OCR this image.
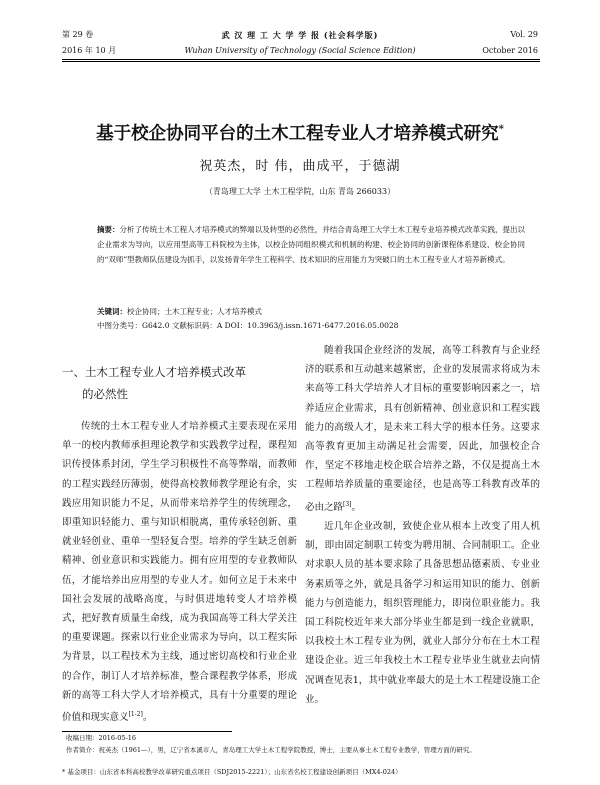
第 29 卷
2016 年 10 月
武 汉 理 工 大 学 学 报 (社会科学版)
Wuhan University of Technology (Social Science Edition)
Vol. 29
October 2016
基于校企协同平台的土木工程专业人才培养模式研究*
祝英杰，时 伟，曲成平，于德湖
（青岛理工大学 土木工程学院，山东 青岛 266033）
摘要：分析了传统土木工程人才培养模式的弊端以及转型的必然性，并结合青岛理工大学土木工程专业培养模式改革实践，提出以企业需求为导向，以应用型高等工科院校为主体，以校企协同组织模式和机制的构建、校企协同的创新课程体系建设、校企协同的“双师”型教师队伍建设为抓手，以发扬青年学生工程科学、技术知识的应用能力为突破口的土木工程专业人才培养新模式。
关键词：校企协同；土木工程专业；人才培养模式
中图分类号：G642.0 文献标识码：A DOI：10.3963/j.issn.1671-6477.2016.05.0028
一、土木工程专业人才培养模式改革
的必然性

传统的土木工程专业人才培养模式主要表现在采用单一的校内教师承担理论教学和实践教学过程，课程知识传授体系封闭，学生学习积极性不高等弊端，而教师的工程实践经历薄弱，使得高校教师教学理论有余，实践应用知识能力不足，从而带来培养学生的传统理念，即重知识轻能力、重与知识相脱离，重传承轻创新、重就业轻创业、重单一型轻复合型。培养的学生缺乏创新精神、创业意识和实践能力。拥有应用型的专业教师队伍，才能培养出应用型的专业人才。如何立足于未来中国社会发展的战略高度，与时俱进地转变人才培养模式，把好教育质量生命线，成为我国高等工科大学关注的重要课题。探索以行业企业需求为导向，以工程实际为背景，以工程技术为主线，通过密切高校和行业企业的合作，制订人才培养标准，整合课程教学体系，形成新的高等工科大学人才培养模式，具有十分重要的理论价值和现实意义[1-2]。

随着我国企业经济的发展，高等工科教育与企业经济的联系和互动越来越紧密，企业的发展需求将成为未来高等工科大学培养人才目标的重要影响因素之一，培养适应企业需求，具有创新精神、创业意识和工程实践能力的高级人才，是未来工科大学的根本任务。这要求高等教育更加主动满足社会需要，因此，加强校企合作，坚定不移地走校企联合培养之路，不仅是提高土木工程师培养质量的重要途径，也是高等工科教育改革的必由之路[3]。

近几年企业改制，致使企业从根本上改变了用人机制，即由固定制职工转变为聘用制、合同制职工。企业对求职人员的基本要求除了具备思想品德素质、专业业务素质等之外，就是具备学习和运用知识的能力、创新能力与创造能力，组织管理能力，即岗位职业能力。我国工科院校近年来大部分毕业生都是到一线企业就职，以我校土木工程专业为例，就业人部分分布在土木工程建设企业。近三年我校土木工程专业毕业生就业去向情况调查见表1，其中就业率最大的是土木工程建设施工企业。

收稿日期：2016-05-16
作者简介：祝英杰（1961—），男，辽宁省本溪市人，青岛理工大学土木工程学院教授，博士，主要从事土木工程专业教学，管理方面的研究。
* 基金项目：山东省本科高校教学改革研究重点项目（SDJ2015-2221）；山东省名校工程建设创新项目（MX4-024）
